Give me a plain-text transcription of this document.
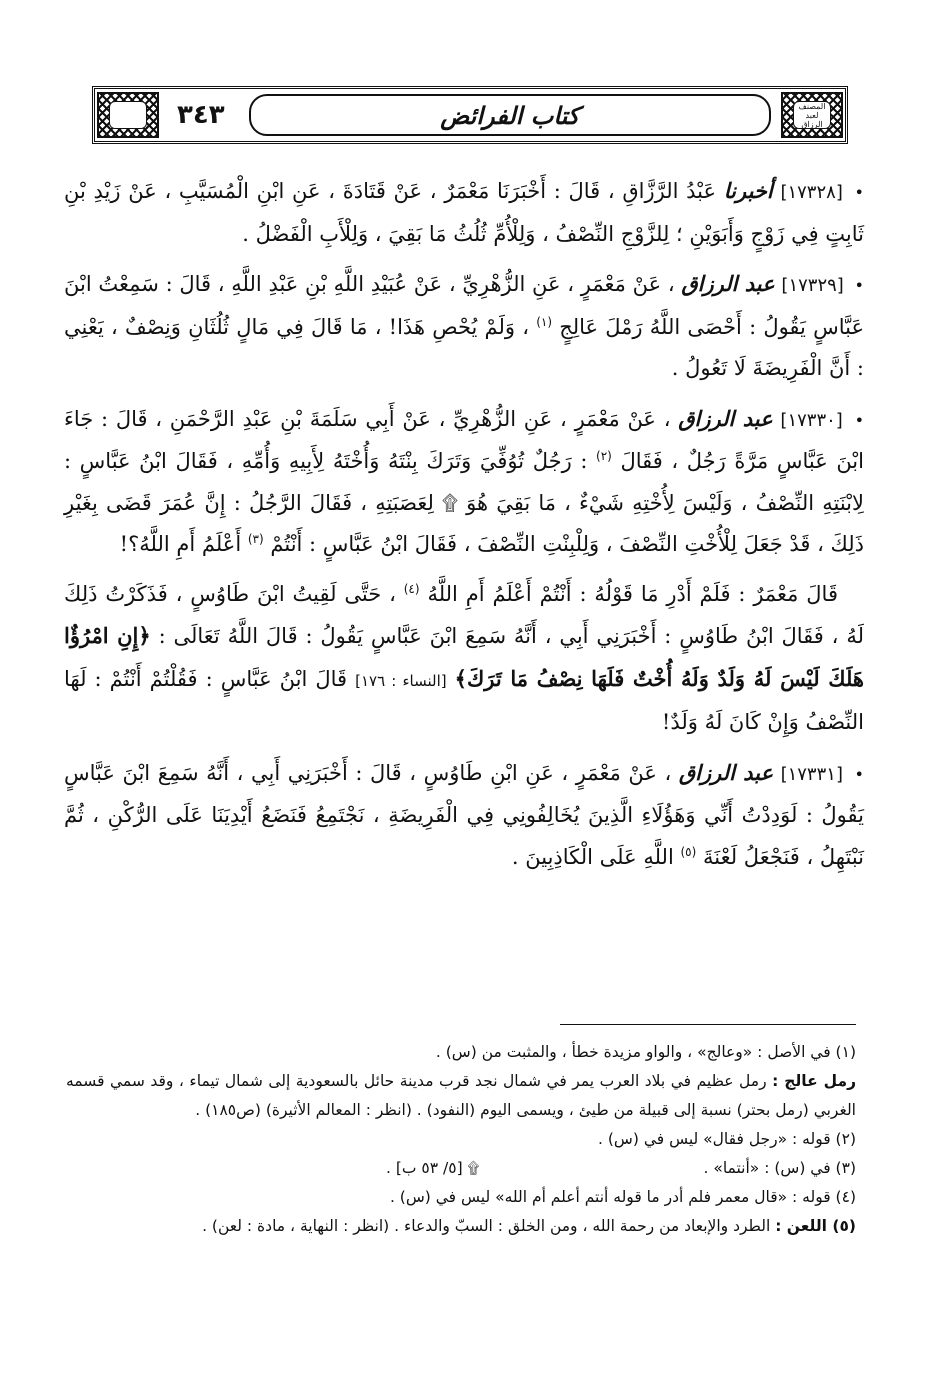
المصنف لعبد الرزاق
كتاب الفرائض
٣٤٣

• [١٧٣٢٨] أخبرنا عَبْدُ الرَّزَّاقِ ، قَالَ : أَخْبَرَنَا مَعْمَرٌ ، عَنْ قَتَادَةَ ، عَنِ ابْنِ الْمُسَيَّبِ ، عَنْ زَيْدِ بْنِ ثَابِتٍ فِي زَوْجٍ وَأَبَوَيْنِ ؛ لِلزَّوْجِ النِّصْفُ ، وَلِلْأُمِّ ثُلُثُ مَا بَقِيَ ، وَلِلْأَبِ الْفَضْلُ .

• [١٧٣٢٩] عبد الرزاق ، عَنْ مَعْمَرٍ ، عَنِ الزُّهْرِيِّ ، عَنْ عُبَيْدِ اللَّهِ بْنِ عَبْدِ اللَّهِ ، قَالَ : سَمِعْتُ ابْنَ عَبَّاسٍ يَقُولُ : أَحْصَى اللَّهُ رَمْلَ عَالِجٍ $^{(١)}$ ، وَلَمْ يُحْصِ هَذَا! ، مَا قَالَ فِي مَالٍ ثُلُثَانِ وَنِصْفٌ ، يَعْنِي : أَنَّ الْفَرِيضَةَ لَا تَعُولُ .

• [١٧٣٣٠] عبد الرزاق ، عَنْ مَعْمَرٍ ، عَنِ الزُّهْرِيِّ ، عَنْ أَبِي سَلَمَةَ بْنِ عَبْدِ الرَّحْمَنِ ، قَالَ : جَاءَ ابْنَ عَبَّاسٍ مَرَّةً رَجُلٌ ، فَقَالَ $^{(٢)}$ : رَجُلٌ تُوُفِّيَ وَتَرَكَ بِنْتَهُ وَأُخْتَهُ لِأَبِيهِ وَأُمِّهِ ، فَقَالَ ابْنُ عَبَّاسٍ : لِابْنَتِهِ النِّصْفُ ، وَلَيْسَ لِأُخْتِهِ شَيْءٌ ، مَا بَقِيَ هُوَ ۩ لِعَصَبَتِهِ ، فَقَالَ الرَّجُلُ : إِنَّ عُمَرَ قَضَى بِغَيْرِ ذَلِكَ ، قَدْ جَعَلَ لِلْأُخْتِ النِّصْفَ ، وَلِلْبِنْتِ النِّصْفَ ، فَقَالَ ابْنُ عَبَّاسٍ : أَنْتُمْ $^{(٣)}$ أَعْلَمُ أَمِ اللَّهُ؟!

قَالَ مَعْمَرٌ : فَلَمْ أَدْرِ مَا قَوْلُهُ : أَنْتُمْ أَعْلَمُ أَمِ اللَّهُ $^{(٤)}$ ، حَتَّى لَقِيتُ ابْنَ طَاوُسٍ ، فَذَكَرْتُ ذَلِكَ لَهُ ، فَقَالَ ابْنُ طَاوُسٍ : أَخْبَرَنِي أَبِي ، أَنَّهُ سَمِعَ ابْنَ عَبَّاسٍ يَقُولُ : قَالَ اللَّهُ تَعَالَى : ﴿إِنِ امْرُؤٌا هَلَكَ لَيْسَ لَهُ وَلَدٌ وَلَهُ أُخْتٌ فَلَهَا نِصْفُ مَا تَرَكَ﴾ [النساء : ١٧٦] قَالَ ابْنُ عَبَّاسٍ : فَقُلْتُمْ أَنْتُمْ : لَهَا النِّصْفُ وَإِنْ كَانَ لَهُ وَلَدٌ!

• [١٧٣٣١] عبد الرزاق ، عَنْ مَعْمَرٍ ، عَنِ ابْنِ طَاوُسٍ ، قَالَ : أَخْبَرَنِي أَبِي ، أَنَّهُ سَمِعَ ابْنَ عَبَّاسٍ يَقُولُ : لَوَدِدْتُ أَنِّي وَهَؤُلَاءِ الَّذِينَ يُخَالِفُونِي فِي الْفَرِيضَةِ ، نَجْتَمِعُ فَنَضَعُ أَيْدِيَنَا عَلَى الرُّكْنِ ، ثُمَّ نَبْتَهِلُ ، فَنَجْعَلُ لَعْنَةَ $^{(٥)}$ اللَّهِ عَلَى الْكَاذِبِينَ .

(١) في الأصل : «وعالج» ، والواو مزيدة خطأ ، والمثبت من (س) .

رمل عالج : رمل عظيم في بلاد العرب يمر في شمال نجد قرب مدينة حائل بالسعودية إلى شمال تيماء ، وقد سمي قسمه الغربي (رمل بحتر) نسبة إلى قبيلة من طيئ ، ويسمى اليوم (النفود) . (انظر : المعالم الأثيرة) (ص١٨٥) .

(٢) قوله : «رجل فقال» ليس في (س) .

(٣) في (س) : «أنتما» .

۩ [٥/ ٥٣ ب] .

(٤) قوله : «قال معمر فلم أدر ما قوله أنتم أعلم أم الله» ليس في (س) .

(٥) اللعن : الطرد والإبعاد من رحمة الله ، ومن الخلق : السبّ والدعاء . (انظر : النهاية ، مادة : لعن) .
